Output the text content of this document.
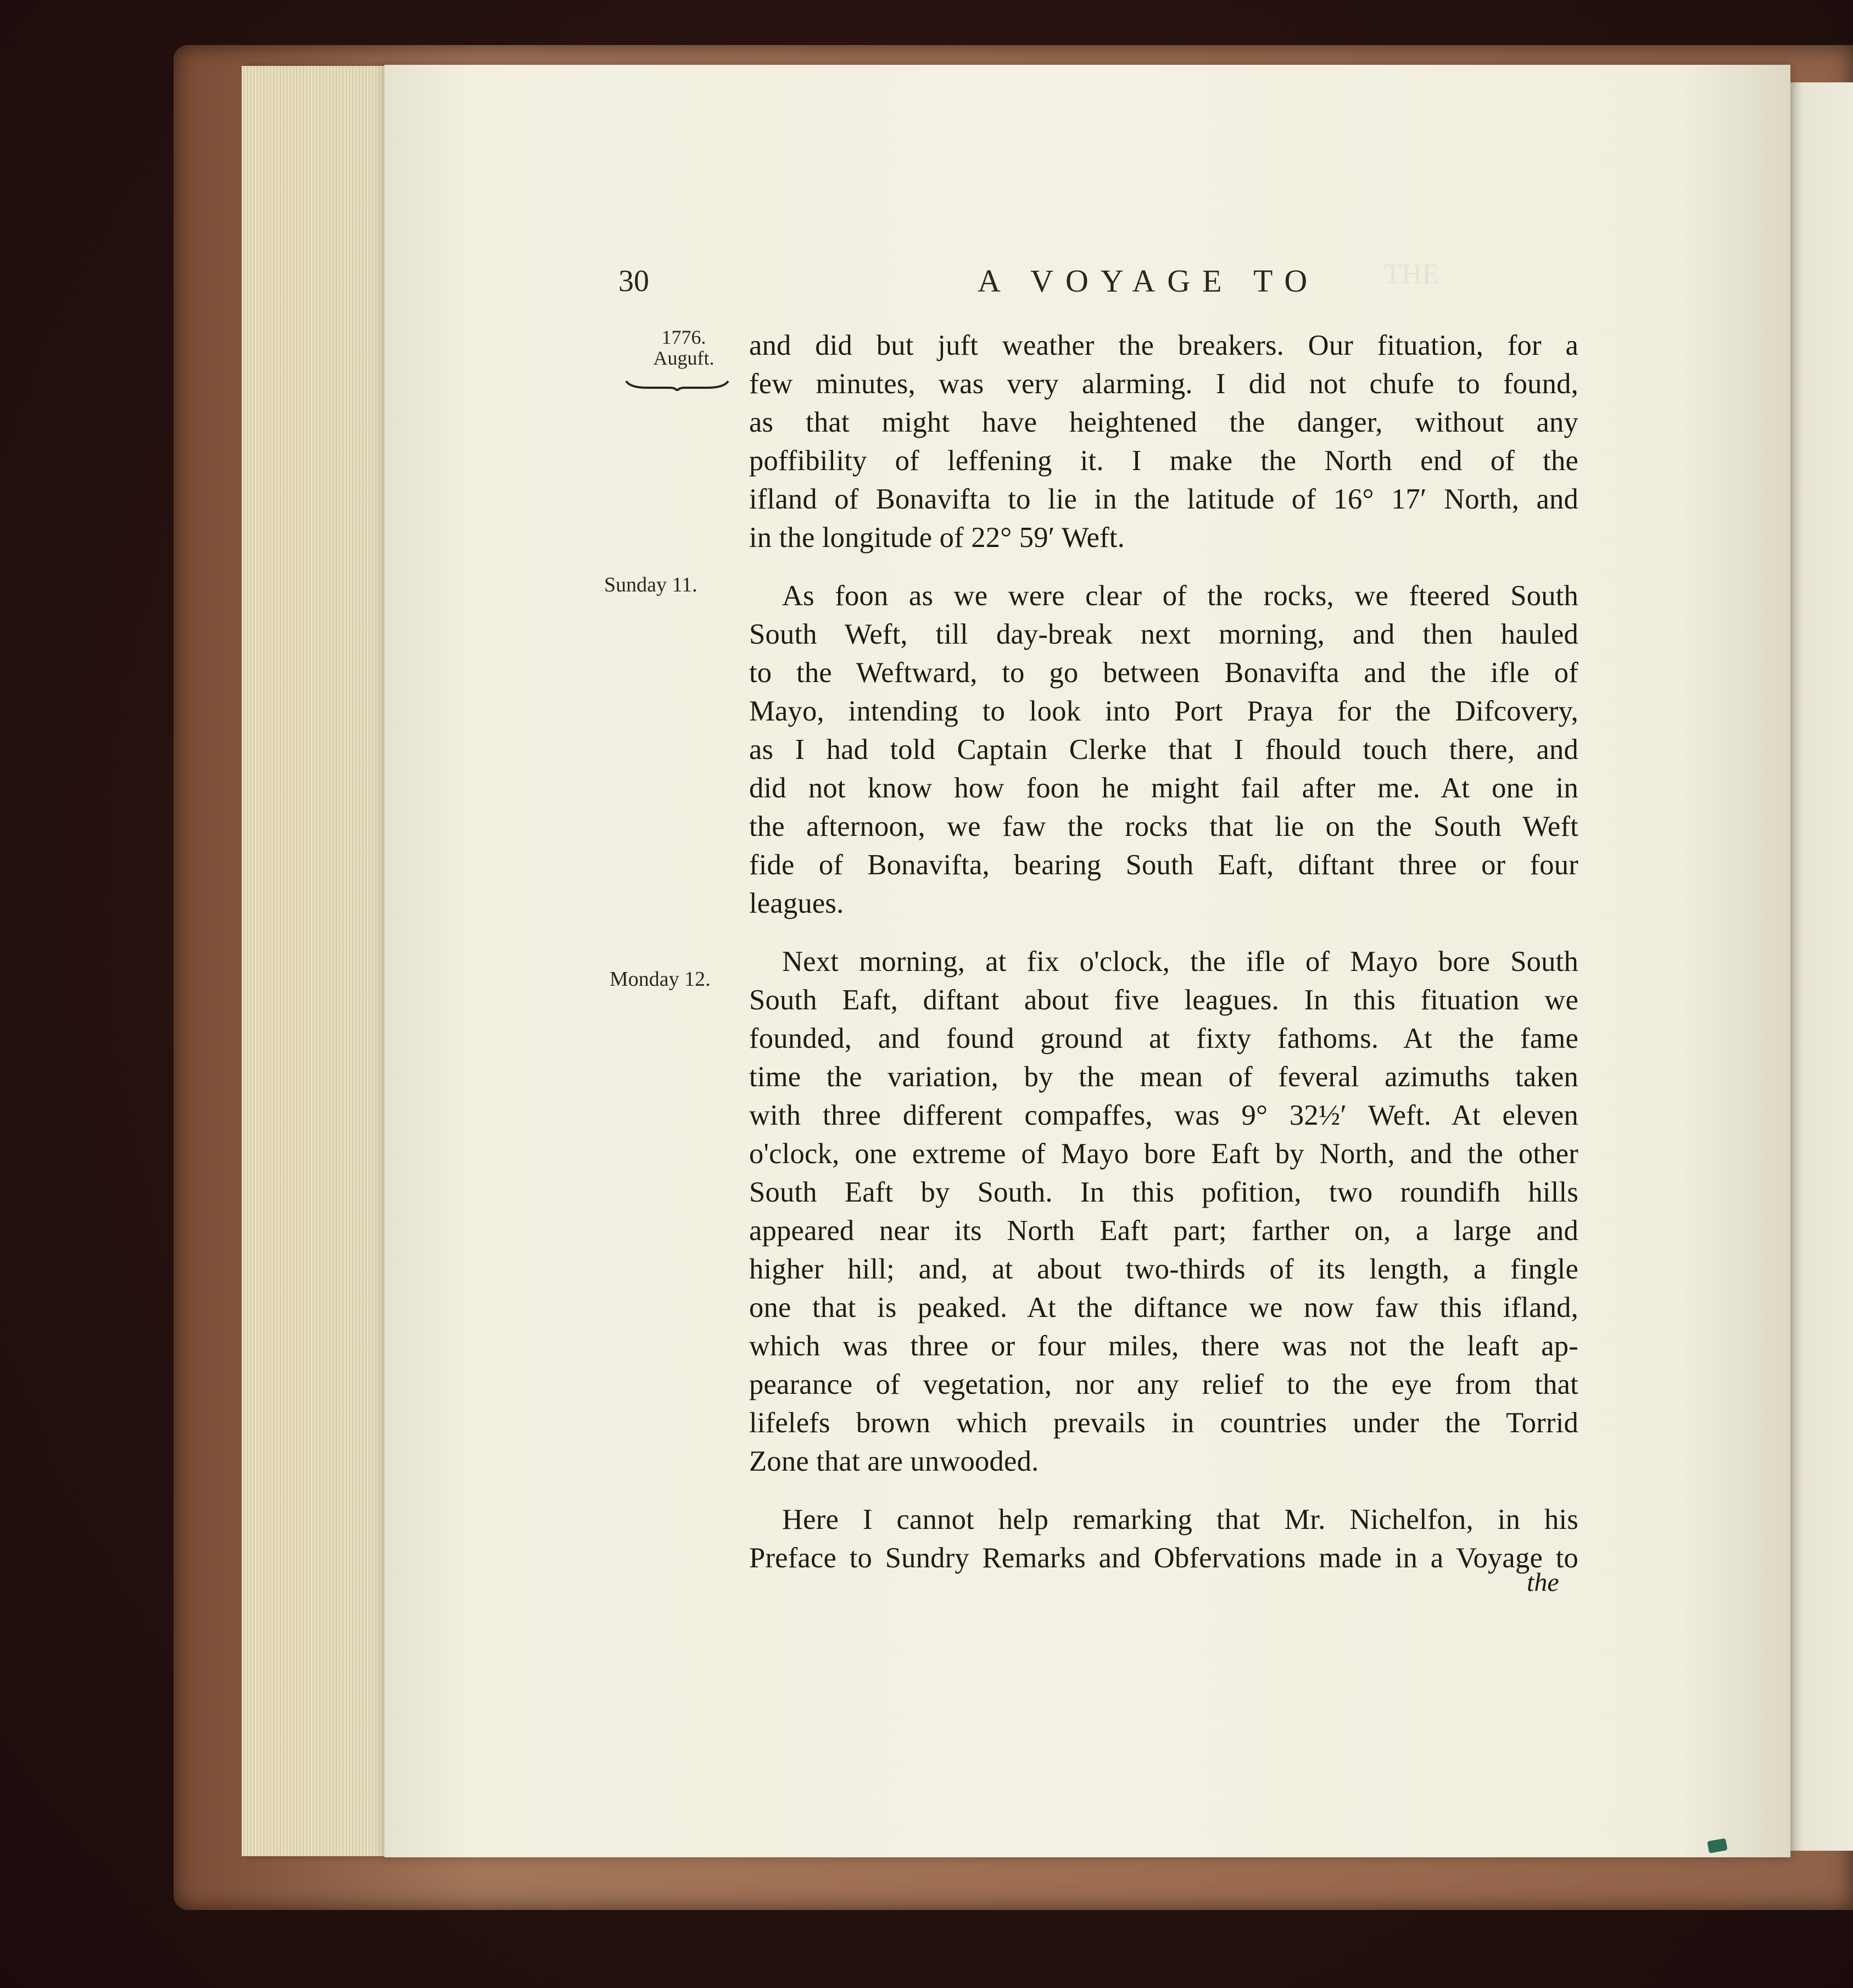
THE
30	A VOYAGE TO
1776.
Auguft.
Sunday 11.
Monday 12.
and did but juft weather the breakers. Our fituation, for a
few minutes, was very alarming. I did not chufe to found,
as that might have heightened the danger, without any
poffibility of leffening it. I make the North end of the
ifland of Bonavifta to lie in the latitude of 16° 17′ North, and
in the longitude of 22° 59′ Weft.
As foon as we were clear of the rocks, we fteered South
South Weft, till day-break next morning, and then hauled
to the Weftward, to go between Bonavifta and the ifle of
Mayo, intending to look into Port Praya for the Difcovery,
as I had told Captain Clerke that I fhould touch there, and
did not know how foon he might fail after me. At one in
the afternoon, we faw the rocks that lie on the South Weft
fide of Bonavifta, bearing South Eaft, diftant three or four
leagues.
Next morning, at fix o'clock, the ifle of Mayo bore South
South Eaft, diftant about five leagues. In this fituation we
founded, and found ground at fixty fathoms. At the fame
time the variation, by the mean of feveral azimuths taken
with three different compaffes, was 9° 32½′ Weft. At eleven
o'clock, one extreme of Mayo bore Eaft by North, and the other
South Eaft by South. In this pofition, two roundifh hills
appeared near its North Eaft part; farther on, a large and
higher hill; and, at about two-thirds of its length, a fingle
one that is peaked. At the diftance we now faw this ifland,
which was three or four miles, there was not the leaft ap-
pearance of vegetation, nor any relief to the eye from that
lifelefs brown which prevails in countries under the Torrid
Zone that are unwooded.
Here I cannot help remarking that Mr. Nichelfon, in his
Preface to Sundry Remarks and Obfervations made in a Voyage to
the
